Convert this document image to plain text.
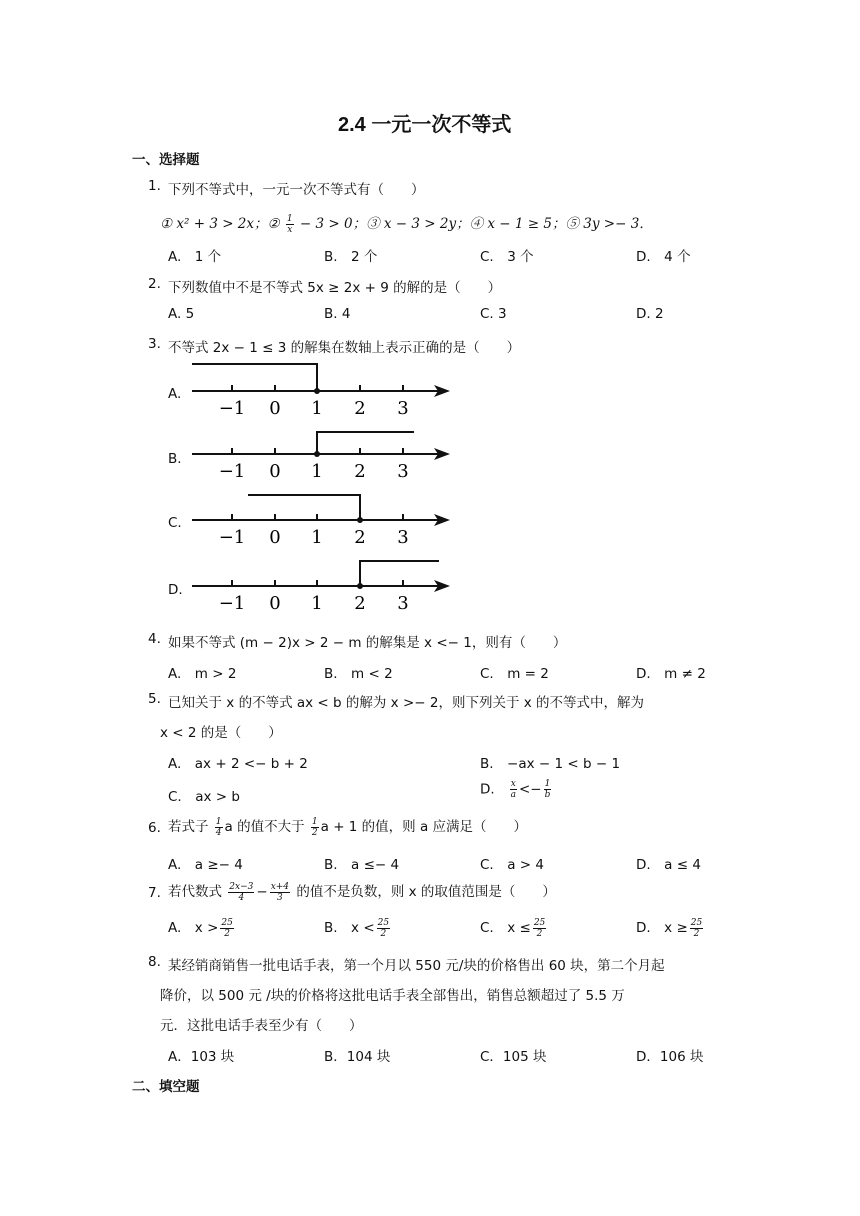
2.4 一元一次不等式
一、选择题
1. 下列不等式中，一元一次不等式有（　　）
① x² + 3 > 2x；② $\frac{1}{x} - 3 > 0$；③ x − 3 > 2y；④ x − 1 ≥ 5；⑤ 3y >− 3．
A.　1 个	B.　2 个	C.　3 个	D.　4 个
2. 下列数值中不是不等式 5x ≥ 2x + 9 的解的是（　　）
A. 5	B. 4	C. 3	D. 2
3. 不等式 2x − 1 ≤ 3 的解集在数轴上表示正确的是（　　）
A.
−1 0 1 2 3
B.
−1 0 1 2 3
C.
−1 0 1 2 3
D.
−1 0 1 2 3
4. 如果不等式 (m − 2)x > 2 − m 的解集是 x <− 1，则有（　　）
A.　m > 2	B.　m < 2	C.　m = 2	D.　m ≠ 2
5. 已知关于 x 的不等式 ax < b 的解为 x >− 2，则下列关于 x 的不等式中，解为
x < 2 的是（　　）
A.　ax + 2 <− b + 2	B.　−ax − 1 < b − 1
C.　ax > b	D. $\frac{x}{a} <- \frac{1}{b}$
6. 若式子 $\frac{1}{4}$ a 的值不大于 $\frac{1}{2}$ a + 1 的值，则 a 应满足（　　）
A.　a ≥− 4	B.　a ≤− 4	C.　a > 4	D.　a ≤ 4
7. 若代数式 $\frac{2x-3}{4} - \frac{x+4}{3}$ 的值不是负数，则 x 的取值范围是（　　）
A.　$x > \frac{25}{2}$	B.　$x < \frac{25}{2}$	C.　$x \le \frac{25}{2}$	D.　$x \ge \frac{25}{2}$
8. 某经销商销售一批电话手表，第一个月以 550 元/块的价格售出 60 块，第二个月起
降价，以 500 元 /块的价格将这批电话手表全部售出，销售总额超过了 5.5 万
元．这批电话手表至少有（　　）
A．103 块	B．104 块	C．105 块	D．106 块
二、填空题
